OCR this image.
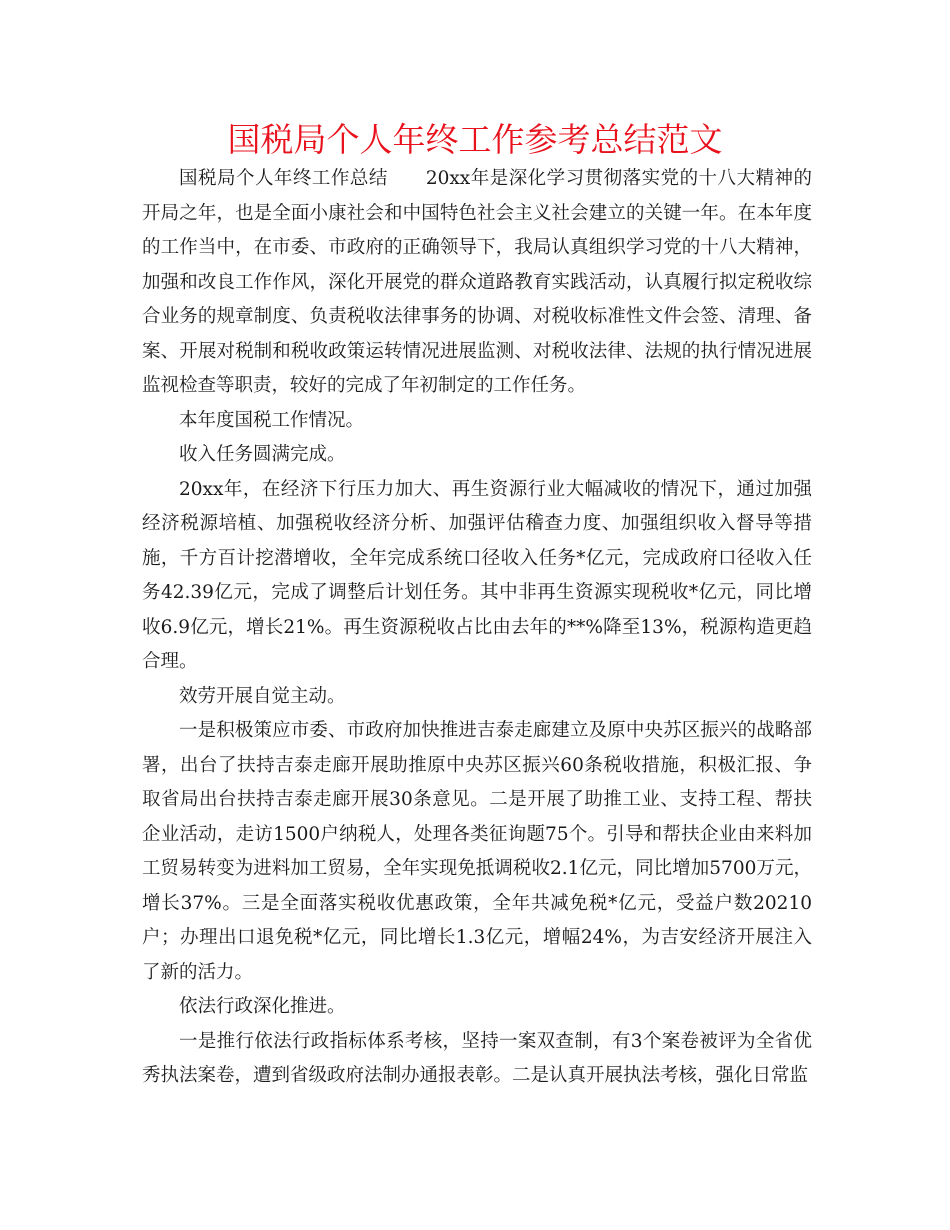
国税局个人年终工作参考总结范文

国税局个人年终工作总结　　20xx年是深化学习贯彻落实党的十八大精神的开局之年，也是全面小康社会和中国特色社会主义社会建立的关键一年。在本年度的工作当中，在市委、市政府的正确领导下，我局认真组织学习党的十八大精神，加强和改良工作作风，深化开展党的群众道路教育实践活动，认真履行拟定税收综合业务的规章制度、负责税收法律事务的协调、对税收标准性文件会签、清理、备案、开展对税制和税收政策运转情况进展监测、对税收法律、法规的执行情况进展监视检查等职责，较好的完成了年初制定的工作任务。

本年度国税工作情况。

收入任务圆满完成。

20xx年，在经济下行压力加大、再生资源行业大幅减收的情况下，通过加强经济税源培植、加强税收经济分析、加强评估稽查力度、加强组织收入督导等措施，千方百计挖潜增收，全年完成系统口径收入任务*亿元，完成政府口径收入任务42.39亿元，完成了调整后计划任务。其中非再生资源实现税收*亿元，同比增收6.9亿元，增长21%。再生资源税收占比由去年的**%降至13%，税源构造更趋合理。

效劳开展自觉主动。

一是积极策应市委、市政府加快推进吉泰走廊建立及原中央苏区振兴的战略部署，出台了扶持吉泰走廊开展助推原中央苏区振兴60条税收措施，积极汇报、争取省局出台扶持吉泰走廊开展30条意见。二是开展了助推工业、支持工程、帮扶企业活动，走访1500户纳税人，处理各类征询题75个。引导和帮扶企业由来料加工贸易转变为进料加工贸易，全年实现免抵调税收2.1亿元，同比增加5700万元，增长37%。三是全面落实税收优惠政策，全年共减免税*亿元，受益户数20210户；办理出口退免税*亿元，同比增长1.3亿元，增幅24%，为吉安经济开展注入了新的活力。

依法行政深化推进。

一是推行依法行政指标体系考核，坚持一案双查制，有3个案卷被评为全省优秀执法案卷，遭到省级政府法制办通报表彰。二是认真开展执法考核，强化日常监
